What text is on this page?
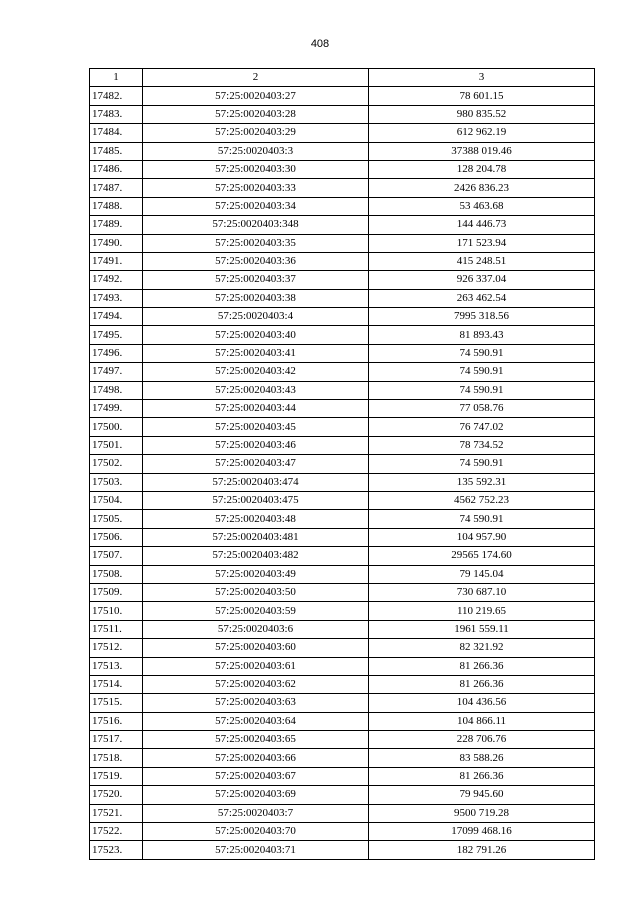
408
1	2	3
17482.	57:25:0020403:27	78 601.15
17483.	57:25:0020403:28	980 835.52
17484.	57:25:0020403:29	612 962.19
17485.	57:25:0020403:3	37388 019.46
17486.	57:25:0020403:30	128 204.78
17487.	57:25:0020403:33	2426 836.23
17488.	57:25:0020403:34	53 463.68
17489.	57:25:0020403:348	144 446.73
17490.	57:25:0020403:35	171 523.94
17491.	57:25:0020403:36	415 248.51
17492.	57:25:0020403:37	926 337.04
17493.	57:25:0020403:38	263 462.54
17494.	57:25:0020403:4	7995 318.56
17495.	57:25:0020403:40	81 893.43
17496.	57:25:0020403:41	74 590.91
17497.	57:25:0020403:42	74 590.91
17498.	57:25:0020403:43	74 590.91
17499.	57:25:0020403:44	77 058.76
17500.	57:25:0020403:45	76 747.02
17501.	57:25:0020403:46	78 734.52
17502.	57:25:0020403:47	74 590.91
17503.	57:25:0020403:474	135 592.31
17504.	57:25:0020403:475	4562 752.23
17505.	57:25:0020403:48	74 590.91
17506.	57:25:0020403:481	104 957.90
17507.	57:25:0020403:482	29565 174.60
17508.	57:25:0020403:49	79 145.04
17509.	57:25:0020403:50	730 687.10
17510.	57:25:0020403:59	110 219.65
17511.	57:25:0020403:6	1961 559.11
17512.	57:25:0020403:60	82 321.92
17513.	57:25:0020403:61	81 266.36
17514.	57:25:0020403:62	81 266.36
17515.	57:25:0020403:63	104 436.56
17516.	57:25:0020403:64	104 866.11
17517.	57:25:0020403:65	228 706.76
17518.	57:25:0020403:66	83 588.26
17519.	57:25:0020403:67	81 266.36
17520.	57:25:0020403:69	79 945.60
17521.	57:25:0020403:7	9500 719.28
17522.	57:25:0020403:70	17099 468.16
17523.	57:25:0020403:71	182 791.26
